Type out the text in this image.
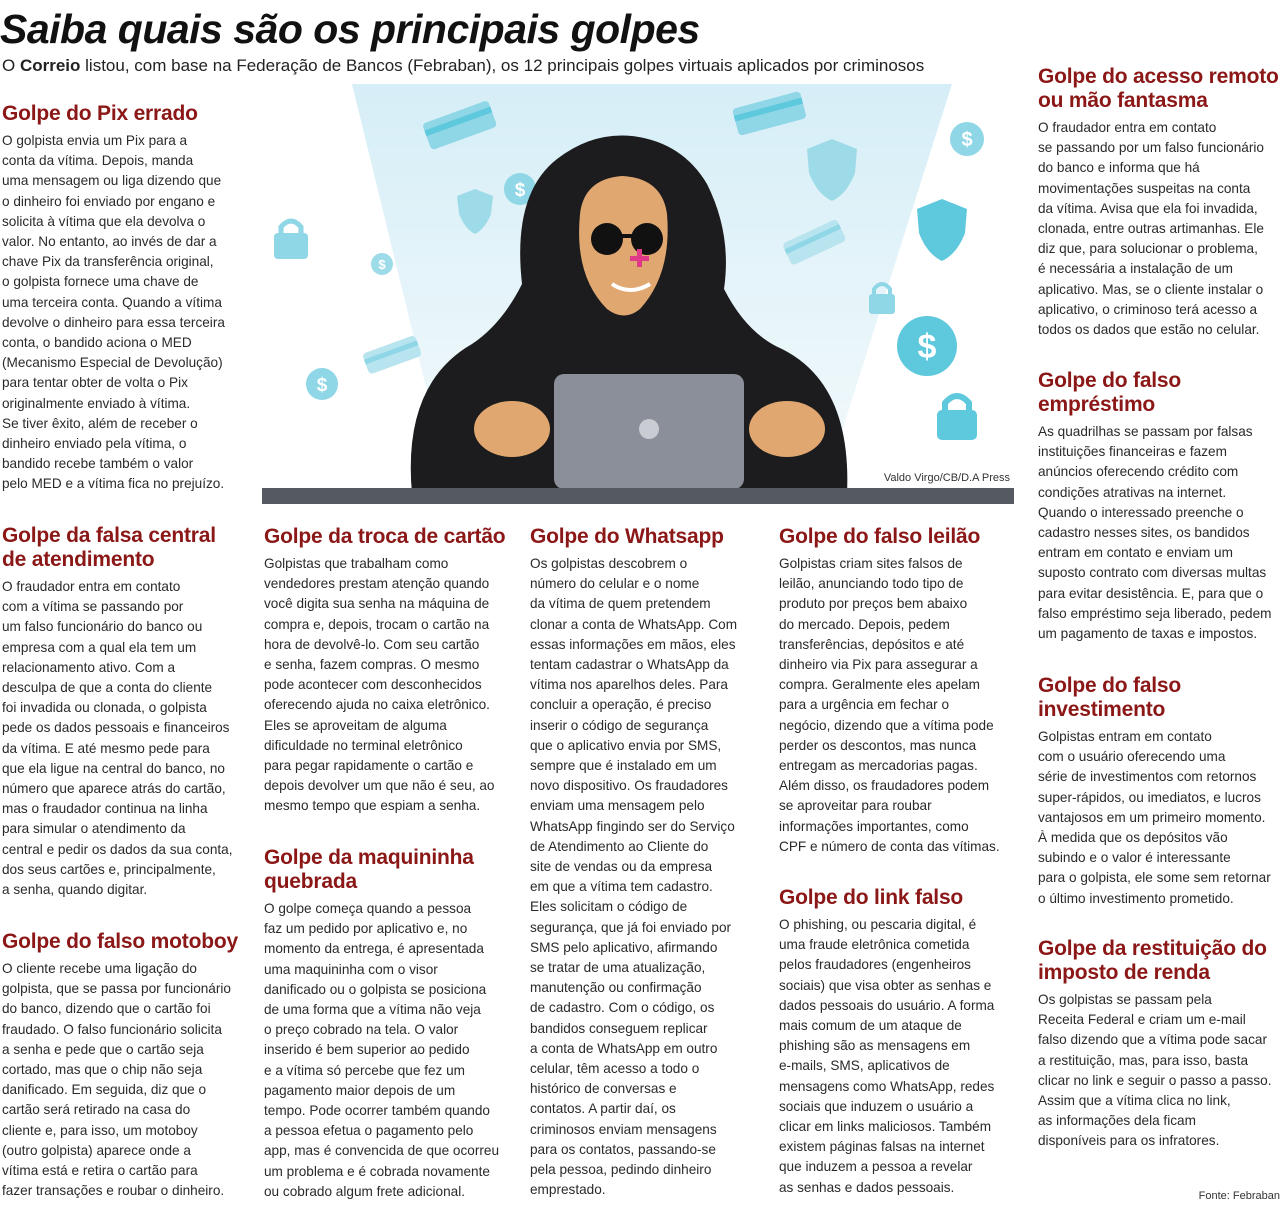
Saiba quais são os principais golpes
O Correio listou, com base na Federação de Bancos (Febraban), os 12 principais golpes virtuais aplicados por criminosos
$
$
$
$
$
Valdo Virgo/CB/D.A Press
Golpe do Pix errado

O golpista envia um Pix para a
conta da vítima. Depois, manda
uma mensagem ou liga dizendo que
o dinheiro foi enviado por engano e
solicita à vítima que ela devolva o
valor. No entanto, ao invés de dar a
chave Pix da transferência original,
o golpista fornece uma chave de
uma terceira conta. Quando a vítima
devolve o dinheiro para essa terceira
conta, o bandido aciona o MED
(Mecanismo Especial de Devolução)
para tentar obter de volta o Pix
originalmente enviado à vítima.
Se tiver êxito, além de receber o
dinheiro enviado pela vítima, o
bandido recebe também o valor
pelo MED e a vítima fica no prejuízo.

Golpe da falsa central
de atendimento

O fraudador entra em contato
com a vítima se passando por
um falso funcionário do banco ou
empresa com a qual ela tem um
relacionamento ativo. Com a
desculpa de que a conta do cliente
foi invadida ou clonada, o golpista
pede os dados pessoais e financeiros
da vítima. E até mesmo pede para
que ela ligue na central do banco, no
número que aparece atrás do cartão,
mas o fraudador continua na linha
para simular o atendimento da
central e pedir os dados da sua conta,
dos seus cartões e, principalmente,
a senha, quando digitar.

Golpe do falso motoboy

O cliente recebe uma ligação do
golpista, que se passa por funcionário
do banco, dizendo que o cartão foi
fraudado. O falso funcionário solicita
a senha e pede que o cartão seja
cortado, mas que o chip não seja
danificado. Em seguida, diz que o
cartão será retirado na casa do
cliente e, para isso, um motoboy
(outro golpista) aparece onde a
vítima está e retira o cartão para
fazer transações e roubar o dinheiro.

Golpe da troca de cartão

Golpistas que trabalham como
vendedores prestam atenção quando
você digita sua senha na máquina de
compra e, depois, trocam o cartão na
hora de devolvê-lo. Com seu cartão
e senha, fazem compras. O mesmo
pode acontecer com desconhecidos
oferecendo ajuda no caixa eletrônico.
Eles se aproveitam de alguma
dificuldade no terminal eletrônico
para pegar rapidamente o cartão e
depois devolver um que não é seu, ao
mesmo tempo que espiam a senha.

Golpe da maquininha
quebrada

O golpe começa quando a pessoa
faz um pedido por aplicativo e, no
momento da entrega, é apresentada
uma maquininha com o visor
danificado ou o golpista se posiciona
de uma forma que a vítima não veja
o preço cobrado na tela. O valor
inserido é bem superior ao pedido
e a vítima só percebe que fez um
pagamento maior depois de um
tempo. Pode ocorrer também quando
a pessoa efetua o pagamento pelo
app, mas é convencida de que ocorreu
um problema e é cobrada novamente
ou cobrado algum frete adicional.

Golpe do Whatsapp

Os golpistas descobrem o
número do celular e o nome
da vítima de quem pretendem
clonar a conta de WhatsApp. Com
essas informações em mãos, eles
tentam cadastrar o WhatsApp da
vítima nos aparelhos deles. Para
concluir a operação, é preciso
inserir o código de segurança
que o aplicativo envia por SMS,
sempre que é instalado em um
novo dispositivo. Os fraudadores
enviam uma mensagem pelo
WhatsApp fingindo ser do Serviço
de Atendimento ao Cliente do
site de vendas ou da empresa
em que a vítima tem cadastro.
Eles solicitam o código de
segurança, que já foi enviado por
SMS pelo aplicativo, afirmando
se tratar de uma atualização,
manutenção ou confirmação
de cadastro. Com o código, os
bandidos conseguem replicar
a conta de WhatsApp em outro
celular, têm acesso a todo o
histórico de conversas e
contatos. A partir daí, os
criminosos enviam mensagens
para os contatos, passando-se
pela pessoa, pedindo dinheiro
emprestado.

Golpe do falso leilão

Golpistas criam sites falsos de
leilão, anunciando todo tipo de
produto por preços bem abaixo
do mercado. Depois, pedem
transferências, depósitos e até
dinheiro via Pix para assegurar a
compra. Geralmente eles apelam
para a urgência em fechar o
negócio, dizendo que a vítima pode
perder os descontos, mas nunca
entregam as mercadorias pagas.
Além disso, os fraudadores podem
se aproveitar para roubar
informações importantes, como
CPF e número de conta das vítimas.

Golpe do link falso

O phishing, ou pescaria digital, é
uma fraude eletrônica cometida
pelos fraudadores (engenheiros
sociais) que visa obter as senhas e
dados pessoais do usuário. A forma
mais comum de um ataque de
phishing são as mensagens em
e-mails, SMS, aplicativos de
mensagens como WhatsApp, redes
sociais que induzem o usuário a
clicar em links maliciosos. Também
existem páginas falsas na internet
que induzem a pessoa a revelar
as senhas e dados pessoais.

Golpe do acesso remoto
ou mão fantasma

O fraudador entra em contato
se passando por um falso funcionário
do banco e informa que há
movimentações suspeitas na conta
da vítima. Avisa que ela foi invadida,
clonada, entre outras artimanhas. Ele
diz que, para solucionar o problema,
é necessária a instalação de um
aplicativo. Mas, se o cliente instalar o
aplicativo, o criminoso terá acesso a
todos os dados que estão no celular.

Golpe do falso
empréstimo

As quadrilhas se passam por falsas
instituições financeiras e fazem
anúncios oferecendo crédito com
condições atrativas na internet.
Quando o interessado preenche o
cadastro nesses sites, os bandidos
entram em contato e enviam um
suposto contrato com diversas multas
para evitar desistência. E, para que o
falso empréstimo seja liberado, pedem
um pagamento de taxas e impostos.

Golpe do falso
investimento

Golpistas entram em contato
com o usuário oferecendo uma
série de investimentos com retornos
super-rápidos, ou imediatos, e lucros
vantajosos em um primeiro momento.
À medida que os depósitos vão
subindo e o valor é interessante
para o golpista, ele some sem retornar
o último investimento prometido.

Golpe da restituição do
imposto de renda

Os golpistas se passam pela
Receita Federal e criam um e-mail
falso dizendo que a vítima pode sacar
a restituição, mas, para isso, basta
clicar no link e seguir o passo a passo.
Assim que a vítima clica no link,
as informações dela ficam
disponíveis para os infratores.

Fonte: Febraban
